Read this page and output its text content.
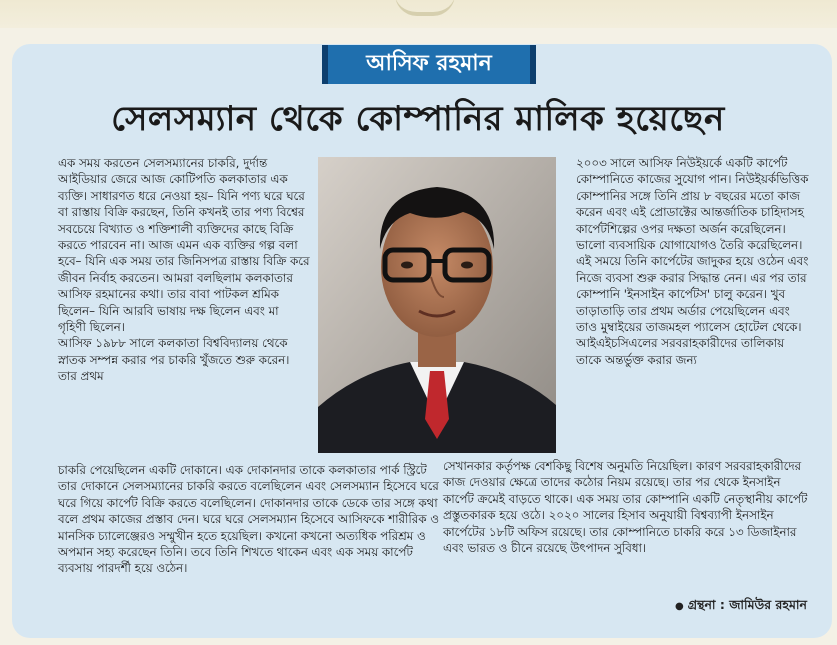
আসিফ রহমান
সেলসম্যান থেকে কোম্পানির মালিক হয়েছেন

এক সময় করতেন সেলসম্যানের চাকরি, দুর্দান্ত আইডিয়ার জেরে আজ কোটিপতি কলকাতার এক ব্যক্তি। সাধারণত ধরে নেওয়া হয়– যিনি পণ্য ঘরে ঘরে বা রাস্তায় বিক্রি করছেন, তিনি কখনই তার পণ্য বিশ্বের সবচেয়ে বিখ্যাত ও শক্তিশালী ব্যক্তিদের কাছে বিক্রি করতে পারবেন না। আজ এমন এক ব্যক্তির গল্প বলা হবে– যিনি এক সময় তার জিনিসপত্র রাস্তায় বিক্রি করে জীবন নির্বাহ করতেন। আমরা বলছিলাম কলকাতার আসিফ রহমানের কথা। তার বাবা পাটকল শ্রমিক ছিলেন– যিনি আরবি ভাষায় দক্ষ ছিলেন এবং মা গৃহিণী ছিলেন।

আসিফ ১৯৮৮ সালে কলকাতা বিশ্ববিদ্যালয় থেকে স্নাতক সম্পন্ন করার পর চাকরি খুঁজতে শুরু করেন। তার প্রথম

২০০৩ সালে আসিফ নিউইয়র্কে একটি কার্পেট কোম্পানিতে কাজের সুযোগ পান। নিউইয়র্কভিত্তিক কোম্পানির সঙ্গে তিনি প্রায় ৮ বছরের মতো কাজ করেন এবং এই প্রোডাক্টের আন্তর্জাতিক চাহিদাসহ কার্পেটশিল্পের ওপর দক্ষতা অর্জন করেছিলেন। ভালো ব্যবসায়িক যোগাযোগও তৈরি করেছিলেন। এই সময়ে তিনি কার্পেটের জাদুকর হয়ে ওঠেন এবং নিজে ব্যবসা শুরু করার সিদ্ধান্ত নেন। এর পর তার কোম্পানি 'ইনসাইন কার্পেটস' চালু করেন। খুব তাড়াতাড়ি তার প্রথম অর্ডার পেয়েছিলেন এবং তাও মুম্বাইয়ের তাজমহল প্যালেস হোটেল থেকে। আইএইচসিএলের সরবরাহকারীদের তালিকায় তাকে অন্তর্ভুক্ত করার জন্য

চাকরি পেয়েছিলেন একটি দোকানে। এক দোকানদার তাকে কলকাতার পার্ক স্ট্রিটে তার দোকানে সেলসম্যানের চাকরি করতে বলেছিলেন এবং সেলসম্যান হিসেবে ঘরে ঘরে গিয়ে কার্পেট বিক্রি করতে বলেছিলেন। দোকানদার তাকে ডেকে তার সঙ্গে কথা বলে প্রথম কাজের প্রস্তাব দেন। ঘরে ঘরে সেলসম্যান হিসেবে আসিফকে শারীরিক ও মানসিক চ্যালেঞ্জেরও সম্মুখীন হতে হয়েছিল। কখনো কখনো অত্যধিক পরিশ্রম ও অপমান সহ্য করেছেন তিনি। তবে তিনি শিখতে থাকেন এবং এক সময় কার্পেট ব্যবসায় পারদর্শী হয়ে ওঠেন।

সেখানকার কর্তৃপক্ষ বেশকিছু বিশেষ অনুমতি নিয়েছিল। কারণ সরবরাহকারীদের কাজ দেওয়ার ক্ষেত্রে তাদের কঠোর নিয়ম রয়েছে। তার পর থেকে ইনসাইন কার্পেট ক্রমেই বাড়তে থাকে। এক সময় তার কোম্পানি একটি নেতৃস্থানীয় কার্পেট প্রস্তুতকারক হয়ে ওঠে। ২০২০ সালের হিসাব অনুযায়ী বিশ্বব্যাপী ইনসাইন কার্পেটের ১৮টি অফিস রয়েছে। তার কোম্পানিতে চাকরি করে ১৩ ডিজাইনার এবং ভারত ও চীনে রয়েছে উৎপাদন সুবিধা।

● গ্রন্থনা : জামিউর রহমান
